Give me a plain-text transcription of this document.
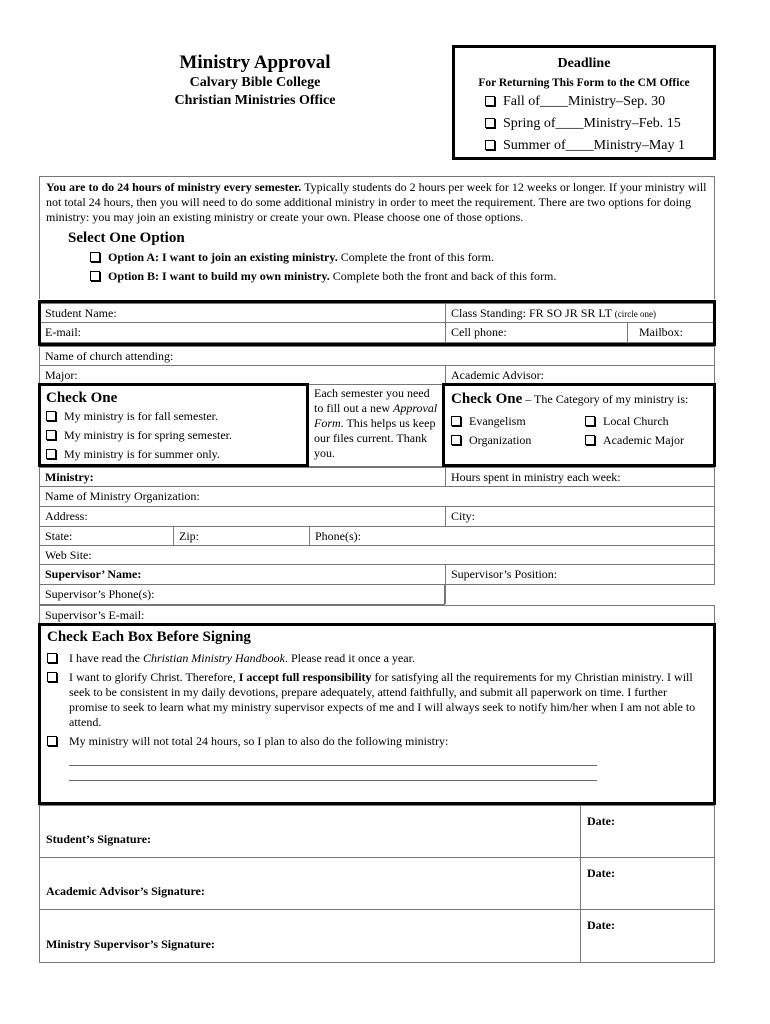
Ministry Approval
Calvary Bible College
Christian Ministries Office
Deadline
For Returning This Form to the CM Office
Fall of____Ministry–Sep. 30
Spring of____Ministry–Feb. 15
Summer of____Ministry–May 1
You are to do 24 hours of ministry every semester. Typically students do 2 hours per week for 12 weeks or longer. If your ministry will not total 24 hours, then you will need to do some additional ministry in order to meet the requirement. There are two options for doing ministry: you may join an existing ministry or create your own. Please choose one of those options.
Select One Option
Option A: I want to join an existing ministry. Complete the front of this form.
Option B: I want to build my own ministry. Complete both the front and back of this form.
Student Name:	Class Standing: FR SO JR SR LT (circle one)
E-mail:	Cell phone:	Mailbox:
Name of church attending:
Major:	Academic Advisor:
Each semester you need to fill out a new Approval Form. This helps us keep our files current. Thank you.
Check One
My ministry is for fall semester.
My ministry is for spring semester.
My ministry is for summer only.
Check One – The Category of my ministry is:
Evangelism	Local Church
Organization	Academic Major
Ministry:	Hours spent in ministry each week:
Name of Ministry Organization:
Address:	City:
State:	Zip:	Phone(s):
Web Site:
Supervisor’ Name:	Supervisor’s Position:
Supervisor’s Phone(s):
Supervisor’s E-mail:
Check Each Box Before Signing
I have read the Christian Ministry Handbook. Please read it once a year.
I want to glorify Christ. Therefore, I accept full responsibility for satisfying all the requirements for my Christian ministry. I will seek to be consistent in my daily devotions, prepare adequately, attend faithfully, and submit all paperwork on time. I further promise to seek to learn what my ministry supervisor expects of me and I will always seek to notify him/her when I am not able to attend.
My ministry will not total 24 hours, so I plan to also do the following ministry:
________________________________________________________________________________________
________________________________________________________________________________________
Student’s Signature:
Date:
Academic Advisor’s Signature:
Date:
Ministry Supervisor’s Signature:
Date:
